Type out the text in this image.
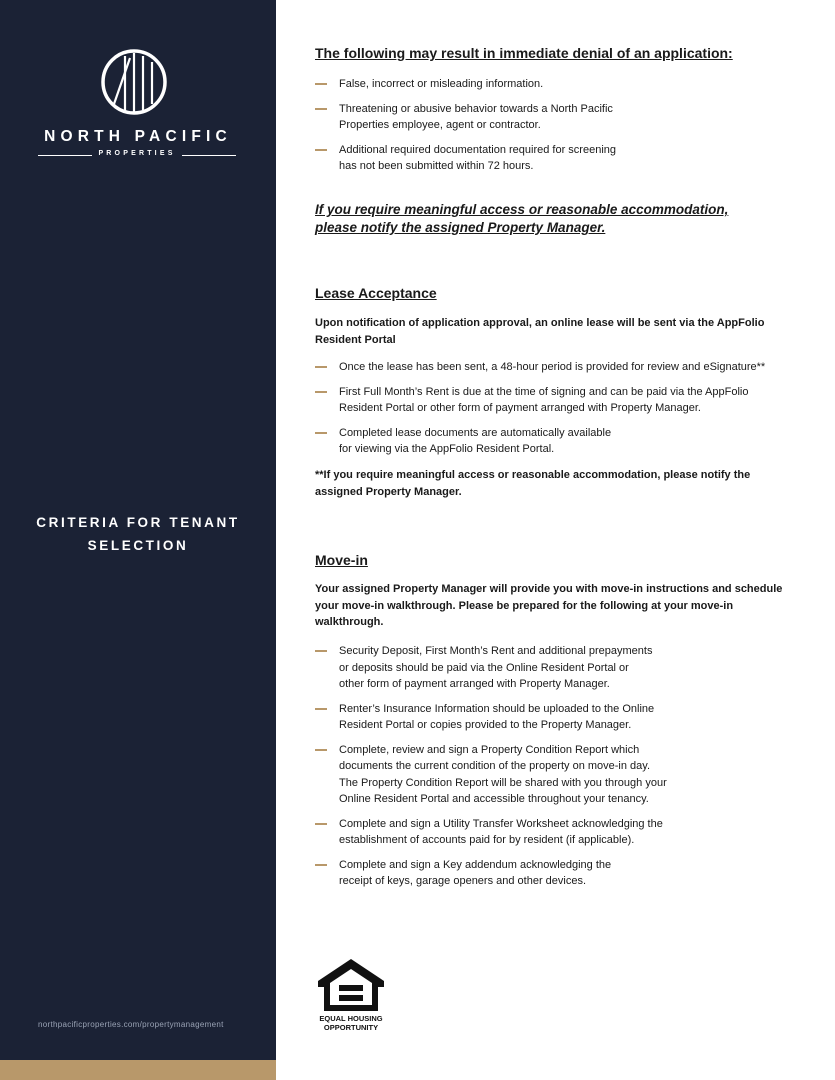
NORTH PACIFIC
PROPERTIES
CRITERIA FOR TENANT
SELECTION
northpacificproperties.com/propertymanagement
The following may result in immediate denial of an application:
False, incorrect or misleading information.
Threatening or abusive behavior towards a North Pacific
Properties employee, agent or contractor.
Additional required documentation required for screening
has not been submitted within 72 hours.
If you require meaningful access or reasonable accommodation,
please notify the assigned Property Manager.
Lease Acceptance
Upon notification of application approval, an online lease will be sent via the AppFolio Resident Portal
Once the lease has been sent, a 48-hour period is provided for review and eSignature**
First Full Month’s Rent is due at the time of signing and can be paid via the AppFolio
Resident Portal or other form of payment arranged with Property Manager.
Completed lease documents are automatically available
for viewing via the AppFolio Resident Portal.
**If you require meaningful access or reasonable accommodation, please notify the assigned Property Manager.
Move-in
Your assigned Property Manager will provide you with move-in instructions and schedule your move-in walkthrough. Please be prepared for the following at your move-in walkthrough.
Security Deposit, First Month’s Rent and additional prepayments
or deposits should be paid via the Online Resident Portal or
other form of payment arranged with Property Manager.
Renter’s Insurance Information should be uploaded to the Online
Resident Portal or copies provided to the Property Manager.
Complete, review and sign a Property Condition Report which
documents the current condition of the property on move-in day.
The Property Condition Report will be shared with you through your
Online Resident Portal and accessible throughout your tenancy.
Complete and sign a Utility Transfer Worksheet acknowledging the
establishment of accounts paid for by resident (if applicable).
Complete and sign a Key addendum acknowledging the
receipt of keys, garage openers and other devices.
EQUAL HOUSING
OPPORTUNITY
